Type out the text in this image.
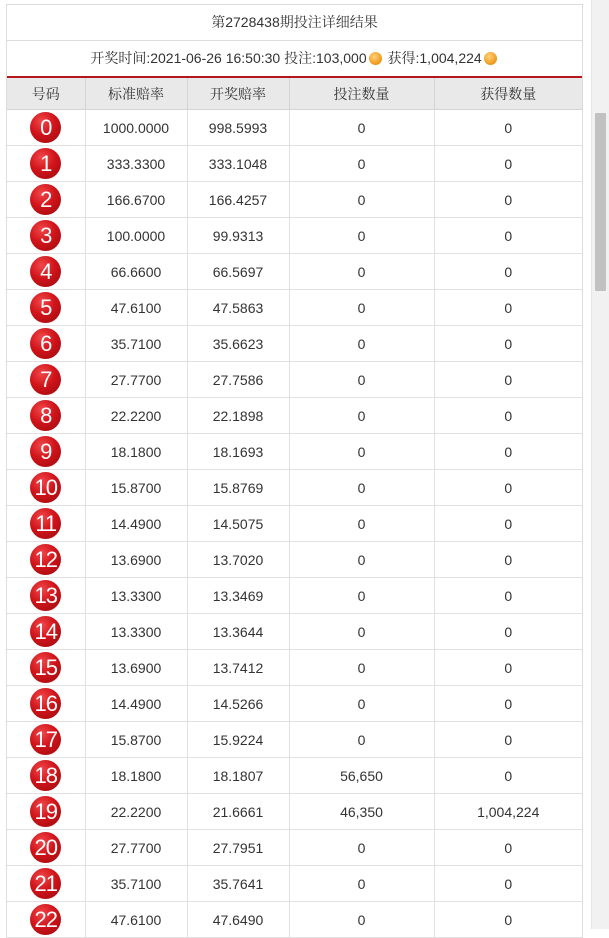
第2728438期投注详细结果
开奖时间:2021-06-26 16:50:30 投注:103,000 获得:1,004,224
号码	标准赔率	开奖赔率	投注数量	获得数量
0	1000.0000	998.5993	0	0
1	333.3300	333.1048	0	0
2	166.6700	166.4257	0	0
3	100.0000	99.9313	0	0
4	66.6600	66.5697	0	0
5	47.6100	47.5863	0	0
6	35.7100	35.6623	0	0
7	27.7700	27.7586	0	0
8	22.2200	22.1898	0	0
9	18.1800	18.1693	0	0
10	15.8700	15.8769	0	0
11	14.4900	14.5075	0	0
12	13.6900	13.7020	0	0
13	13.3300	13.3469	0	0
14	13.3300	13.3644	0	0
15	13.6900	13.7412	0	0
16	14.4900	14.5266	0	0
17	15.8700	15.9224	0	0
18	18.1800	18.1807	56,650	0
19	22.2200	21.6661	46,350	1,004,224
20	27.7700	27.7951	0	0
21	35.7100	35.7641	0	0
22	47.6100	47.6490	0	0
